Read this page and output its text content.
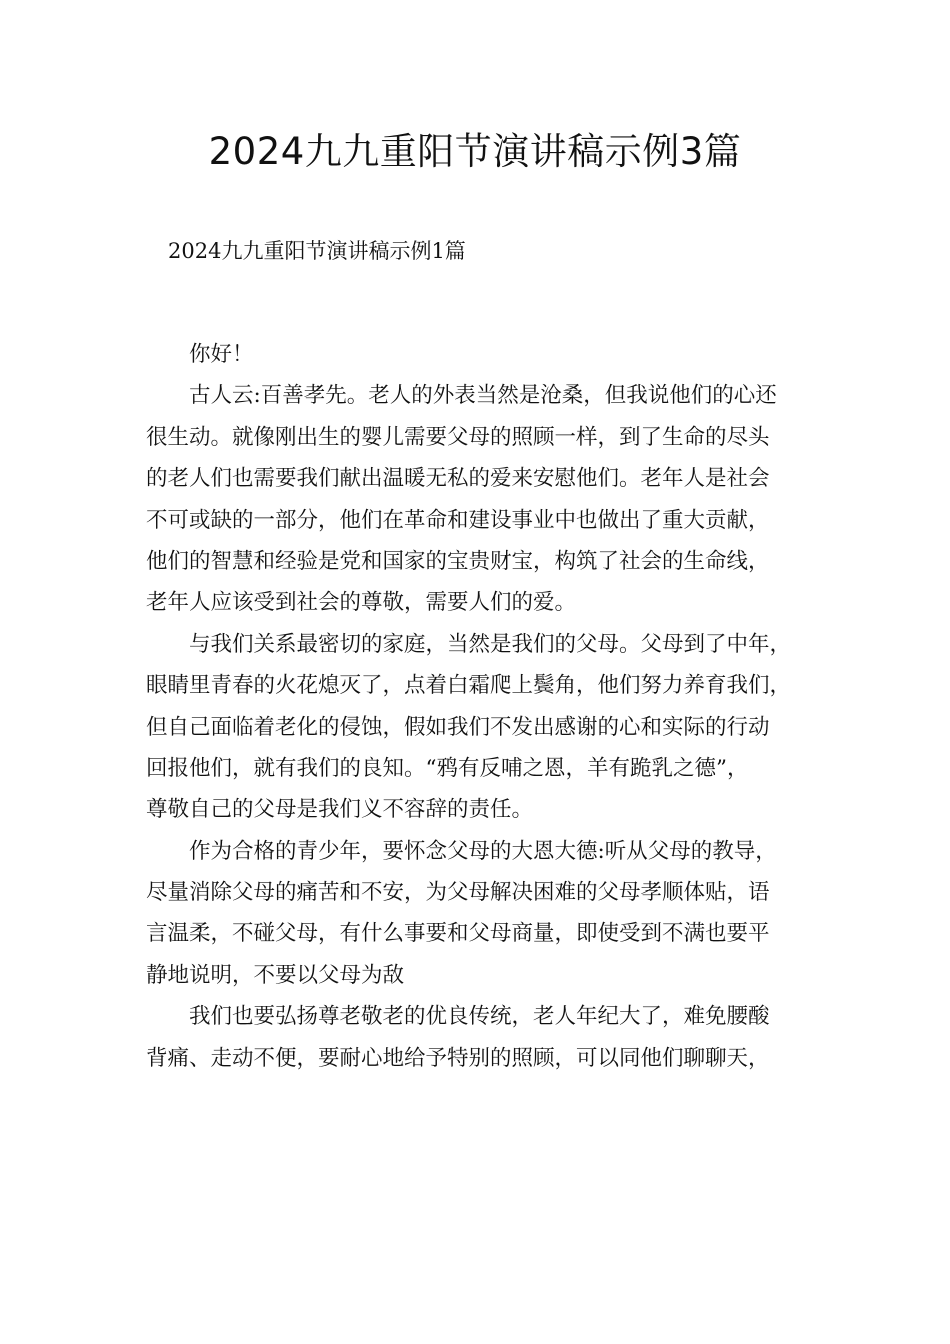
2024九九重阳节演讲稿示例3篇

2024九九重阳节演讲稿示例1篇

你好！

古人云:百善孝先。老人的外表当然是沧桑，但我说他们的心还

很生动。就像刚出生的婴儿需要父母的照顾一样，到了生命的尽头

的老人们也需要我们献出温暖无私的爱来安慰他们。老年人是社会

不可或缺的一部分，他们在革命和建设事业中也做出了重大贡献，

他们的智慧和经验是党和国家的宝贵财宝，构筑了社会的生命线，

老年人应该受到社会的尊敬，需要人们的爱。

与我们关系最密切的家庭，当然是我们的父母。父母到了中年，

眼睛里青春的火花熄灭了，点着白霜爬上鬓角，他们努力养育我们，

但自己面临着老化的侵蚀，假如我们不发出感谢的心和实际的行动

回报他们，就有我们的良知。“鸦有反哺之恩，羊有跪乳之德”，

尊敬自己的父母是我们义不容辞的责任。

作为合格的青少年，要怀念父母的大恩大德:听从父母的教导，

尽量消除父母的痛苦和不安，为父母解决困难的父母孝顺体贴，语

言温柔，不碰父母，有什么事要和父母商量，即使受到不满也要平

静地说明，不要以父母为敌

我们也要弘扬尊老敬老的优良传统，老人年纪大了，难免腰酸

背痛、走动不便，要耐心地给予特别的照顾，可以同他们聊聊天，
